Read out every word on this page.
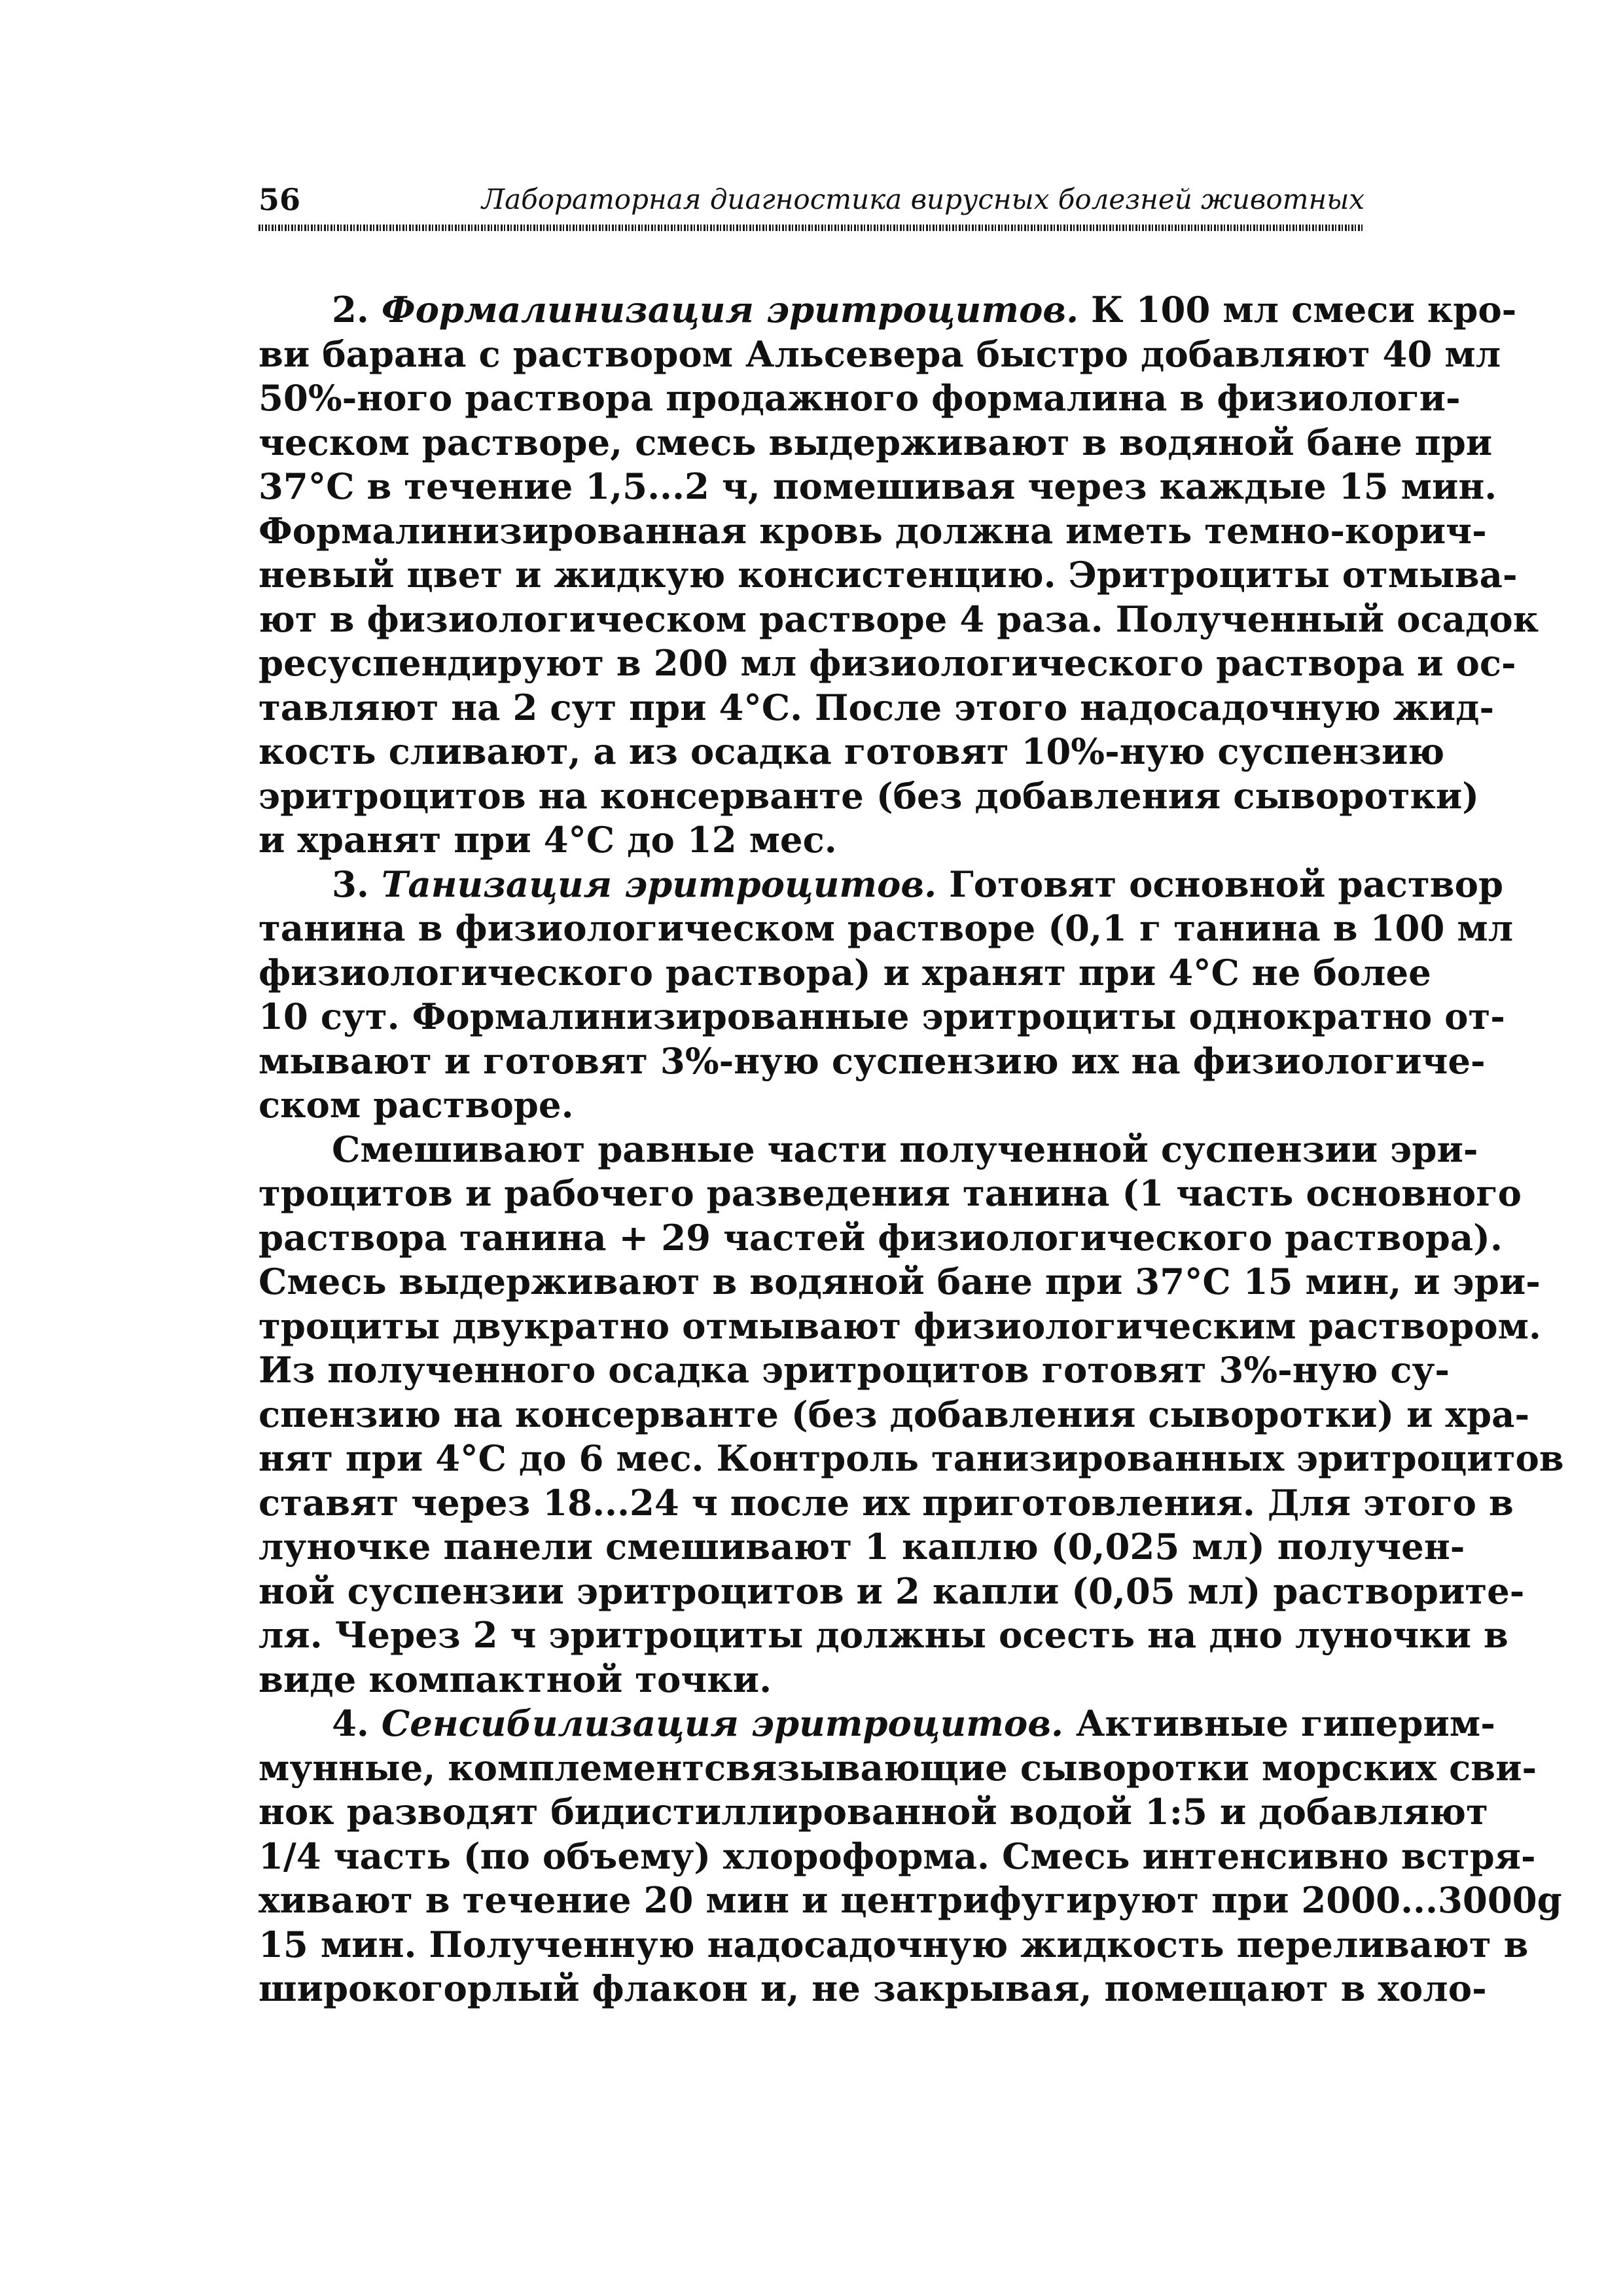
56	Лабораторная диагностика вирусных болезней животных
2. Формалинизация эритроцитов. К 100 мл смеси кро-
ви барана с раствором Альсевера быстро добавляют 40 мл
50%-ного раствора продажного формалина в физиологи-
ческом растворе, смесь выдерживают в водяной бане при
37°С в течение 1,5...2 ч, помешивая через каждые 15 мин.
Формалинизированная кровь должна иметь темно-корич-
невый цвет и жидкую консистенцию. Эритроциты отмыва-
ют в физиологическом растворе 4 раза. Полученный осадок
ресуспендируют в 200 мл физиологического раствора и ос-
тавляют на 2 сут при 4°С. После этого надосадочную жид-
кость сливают, а из осадка готовят 10%-ную суспензию
эритроцитов на консерванте (без добавления сыворотки)
и хранят при 4°С до 12 мес.
3. Танизация эритроцитов. Готовят основной раствор
танина в физиологическом растворе (0,1 г танина в 100 мл
физиологического раствора) и хранят при 4°С не более
10 сут. Формалинизированные эритроциты однократно от-
мывают и готовят 3%-ную суспензию их на физиологиче-
ском растворе.
Смешивают равные части полученной суспензии эри-
троцитов и рабочего разведения танина (1 часть основного
раствора танина + 29 частей физиологического раствора).
Смесь выдерживают в водяной бане при 37°С 15 мин, и эри-
троциты двукратно отмывают физиологическим раствором.
Из полученного осадка эритроцитов готовят 3%-ную су-
спензию на консерванте (без добавления сыворотки) и хра-
нят при 4°С до 6 мес. Контроль танизированных эритроцитов
ставят через 18...24 ч после их приготовления. Для этого в
луночке панели смешивают 1 каплю (0,025 мл) получен-
ной суспензии эритроцитов и 2 капли (0,05 мл) растворите-
ля. Через 2 ч эритроциты должны осесть на дно луночки в
виде компактной точки.
4. Сенсибилизация эритроцитов. Активные гиперим-
мунные, комплементсвязывающие сыворотки морских сви-
нок разводят бидистиллированной водой 1:5 и добавляют
1/4 часть (по объему) хлороформа. Смесь интенсивно встря-
хивают в течение 20 мин и центрифугируют при 2000...3000g
15 мин. Полученную надосадочную жидкость переливают в
широкогорлый флакон и, не закрывая, помещают в холо-
